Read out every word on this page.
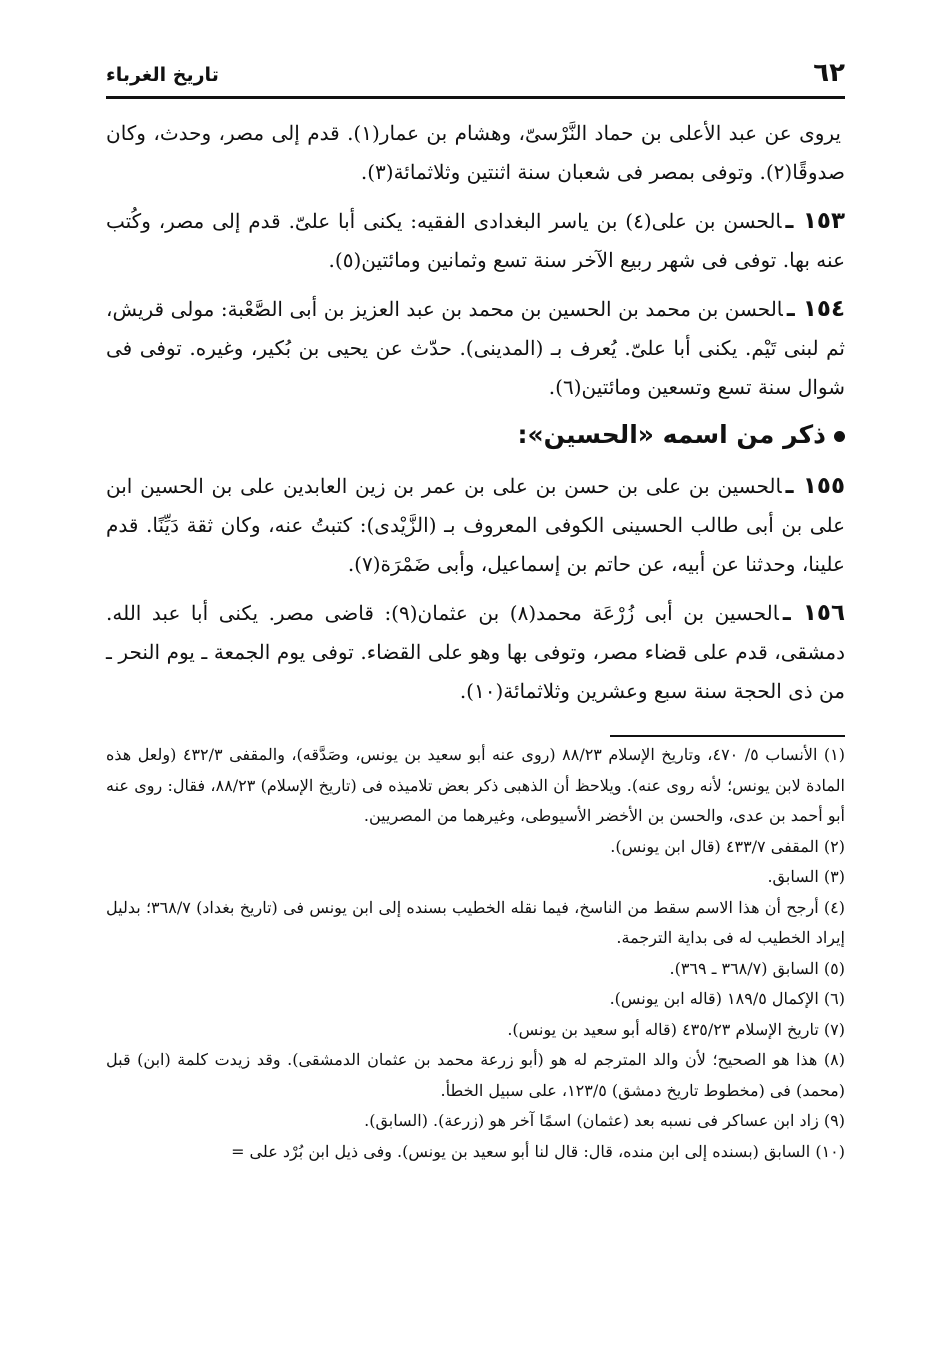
٦٢
تاريخ الغرباء

يروى عن عبد الأعلى بن حماد النَّرْسىّ، وهشام بن عمار(١). قدم إلى مصر، وحدث، وكان صدوقًا(٢). وتوفى بمصر فى شعبان سنة اثنتين وثلاثمائة(٣).

١٥٣ ـالحسن بن على(٤) بن ياسر البغدادى الفقيه: يكنى أبا علىّ. قدم إلى مصر، وكُتب عنه بها. توفى فى شهر ربيع الآخر سنة تسع وثمانين ومائتين(٥).

١٥٤ ـالحسن بن محمد بن الحسين بن محمد بن عبد العزيز بن أبى الصَّعْبة: مولى قريش، ثم لبنى تَيْم. يكنى أبا علىّ. يُعرف بـ (المدينى). حدّث عن يحيى بن بُكير، وغيره. توفى فى شوال سنة تسع وتسعين ومائتين(٦).

ذكر من اسمه «الحسين»:

١٥٥ ـالحسين بن على بن حسن بن على بن عمر بن زين العابدين على بن الحسين ابن على بن أبى طالب الحسينى الكوفى المعروف بـ (الزَّيْدى): كتبتُ عنه، وكان ثقة دَيِّنًا. قدم علينا، وحدثنا عن أبيه، عن حاتم بن إسماعيل، وأبى ضَمْرَة(٧).

١٥٦ ـالحسين بن أبى زُرْعَة محمد(٨) بن عثمان(٩): قاضى مصر. يكنى أبا عبد الله. دمشقى، قدم على قضاء مصر، وتوفى بها وهو على القضاء. توفى يوم الجمعة ـ يوم النحر ـ من ذى الحجة سنة سبع وعشرين وثلاثمائة(١٠).

(١) الأنساب ٥/ ٤٧٠، وتاريخ الإسلام ٨٨/٢٣ (روى عنه أبو سعيد بن يونس، وصَدَّقه)، والمقفى ٤٣٢/٣ (ولعل هذه المادة لابن يونس؛ لأنه روى عنه). ويلاحظ أن الذهبى ذكر بعض تلاميذه فى (تاريخ الإسلام) ٨٨/٢٣، فقال: روى عنه أبو أحمد بن عدى، والحسن بن الأخضر الأسيوطى، وغيرهما من المصريين.

(٢) المقفى ٤٣٣/٧ (قال ابن يونس).

(٣) السابق.

(٤) أرجح أن هذا الاسم سقط من الناسخ، فيما نقله الخطيب بسنده إلى ابن يونس فى (تاريخ بغداد) ٣٦٨/٧؛ بدليل إيراد الخطيب له فى بداية الترجمة.

(٥) السابق (٣٦٨/٧ ـ ٣٦٩).

(٦) الإكمال ١٨٩/٥ (قاله ابن يونس).

(٧) تاريخ الإسلام ٤٣٥/٢٣ (قاله أبو سعيد بن يونس).

(٨) هذا هو الصحيح؛ لأن والد المترجم له هو (أبو زرعة محمد بن عثمان الدمشقى). وقد زيدت كلمة (ابن) قبل (محمد) فى (مخطوط تاريخ دمشق) ١٢٣/٥، على سبيل الخطأ.

(٩) زاد ابن عساكر فى نسبه بعد (عثمان) اسمًا آخر هو (زرعة). (السابق).

(١٠) السابق (بسنده إلى ابن منده، قال: قال لنا أبو سعيد بن يونس). وفى ذيل ابن بُرْد على =
